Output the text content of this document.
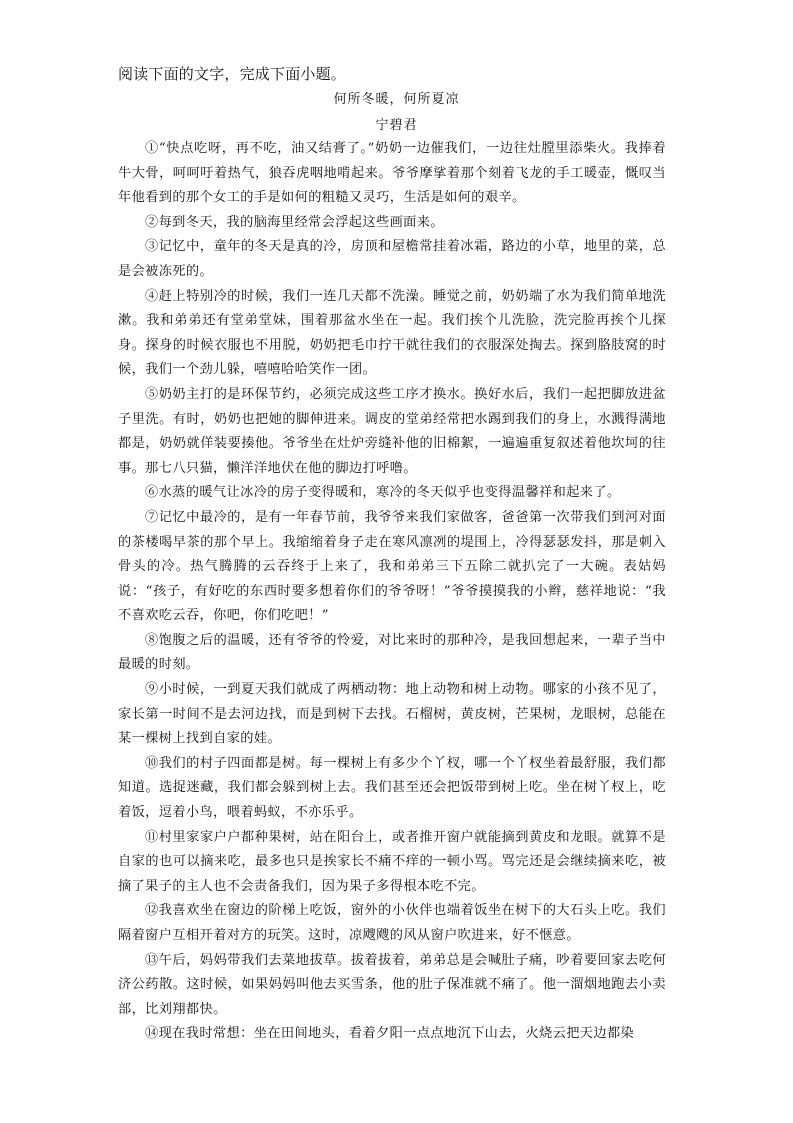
阅读下面的文字，完成下面小题。
何所冬暖，何所夏凉
宁碧君

①“快点吃呀，再不吃，油又结膏了。”奶奶一边催我们，一边往灶膛里添柴火。我捧着牛大骨，呵呵吁着热气，狼吞虎咽地啃起来。爷爷摩挲着那个刻着飞龙的手工暖壶，慨叹当年他看到的那个女工的手是如何的粗糙又灵巧，生活是如何的艰辛。

②每到冬天，我的脑海里经常会浮起这些画面来。

③记忆中，童年的冬天是真的冷，房顶和屋檐常挂着冰霜，路边的小草，地里的菜，总是会被冻死的。

④赶上特别冷的时候，我们一连几天都不洗澡。睡觉之前，奶奶端了水为我们简单地洗漱。我和弟弟还有堂弟堂妹，围着那盆水坐在一起。我们挨个儿洗脸，洗完脸再挨个儿探身。探身的时候衣服也不用脱，奶奶把毛巾拧干就往我们的衣服深处掏去。探到胳肢窝的时候，我们一个劲儿躲，嘻嘻哈哈笑作一团。

⑤奶奶主打的是环保节约，必须完成这些工序才换水。换好水后，我们一起把脚放进盆子里洗。有时，奶奶也把她的脚伸进来。调皮的堂弟经常把水踢到我们的身上，水溅得满地都是，奶奶就佯装要揍他。爷爷坐在灶炉旁缝补他的旧棉絮，一遍遍重复叙述着他坎坷的往事。那七八只猫，懒洋洋地伏在他的脚边打呼噜。

⑥水蒸的暖气让冰冷的房子变得暖和，寒冷的冬天似乎也变得温馨祥和起来了。

⑦记忆中最冷的，是有一年春节前，我爷爷来我们家做客，爸爸第一次带我们到河对面的茶楼喝早茶的那个早上。我缩缩着身子走在寒风凛冽的堤围上，冷得瑟瑟发抖，那是刺入骨头的冷。热气腾腾的云吞终于上来了，我和弟弟三下五除二就扒完了一大碗。表姑妈说：“孩子，有好吃的东西时要多想着你们的爷爷呀！”爷爷摸摸我的小辫，慈祥地说：“我不喜欢吃云吞，你吧，你们吃吧！”

⑧饱腹之后的温暖，还有爷爷的怜爱，对比来时的那种冷，是我回想起来，一辈子当中最暖的时刻。

⑨小时候，一到夏天我们就成了两栖动物：地上动物和树上动物。哪家的小孩不见了，家长第一时间不是去河边找，而是到树下去找。石榴树，黄皮树，芒果树，龙眼树，总能在某一棵树上找到自家的娃。

⑩我们的村子四面都是树。每一棵树上有多少个丫杈，哪一个丫杈坐着最舒服，我们都知道。选捉迷藏，我们都会躲到树上去。我们甚至还会把饭带到树上吃。坐在树丫杈上，吃着饭，逗着小鸟，喂着蚂蚁，不亦乐乎。

⑪村里家家户户都种果树，站在阳台上，或者推开窗户就能摘到黄皮和龙眼。就算不是自家的也可以摘来吃，最多也只是挨家长不痛不痒的一顿小骂。骂完还是会继续摘来吃，被摘了果子的主人也不会责备我们，因为果子多得根本吃不完。

⑫我喜欢坐在窗边的阶梯上吃饭，窗外的小伙伴也端着饭坐在树下的大石头上吃。我们隔着窗户互相开着对方的玩笑。这时，凉飕飕的风从窗户吹进来，好不惬意。

⑬午后，妈妈带我们去菜地拔草。拔着拔着，弟弟总是会喊肚子痛，吵着要回家去吃何济公药散。这时候，如果妈妈叫他去买雪条，他的肚子保准就不痛了。他一溜烟地跑去小卖部，比刘翔都快。

⑭现在我时常想：坐在田间地头，看着夕阳一点点地沉下山去，火烧云把天边都染
